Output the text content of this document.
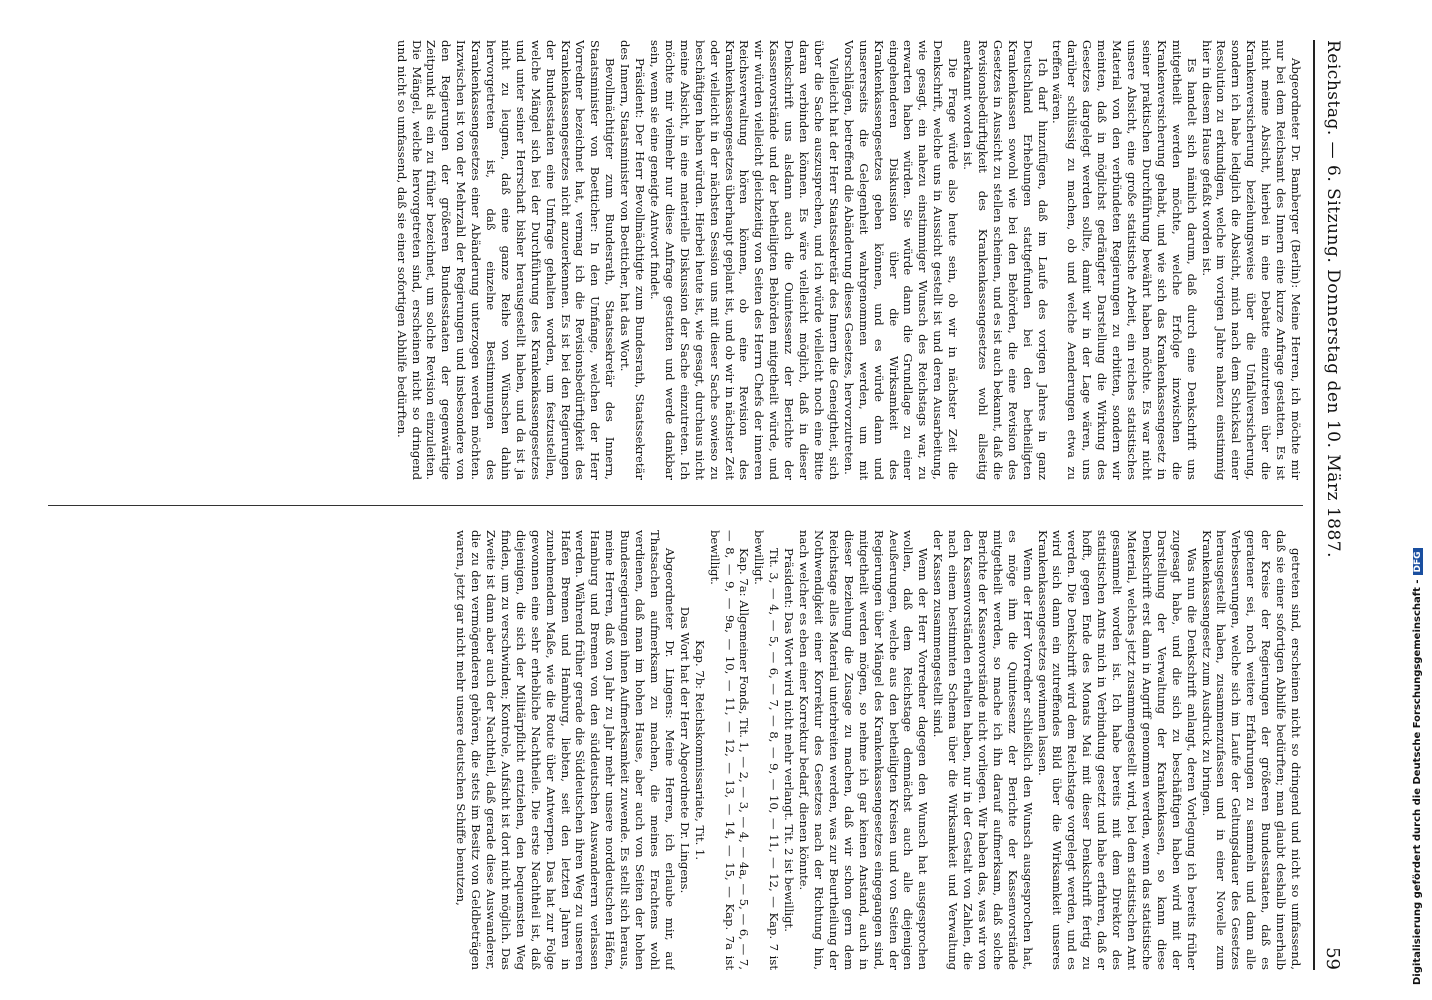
Reichstag. — 6. Sitzung. Donnerstag den 10. März 1887.
59

Abgeordneter Dr. Bamberger (Berlin): Meine Herren, ich möchte mir nur bei dem Reichsamt des Innern eine kurze Anfrage gestatten. Es ist nicht meine Absicht, hierbei in eine Debatte einzutreten über die Krankenversicherung beziehungsweise über die Unfallversicherung, sondern ich habe lediglich die Absicht, mich nach dem Schicksal einer Resolution zu erkundigen, welche im vorigen Jahre nahezu einstimmig hier in diesem Hause gefaßt worden ist.

Es handelt sich nämlich darum, daß durch eine Denkschrift uns mitgetheilt werden möchte, welche Erfolge inzwischen die Krankenversicherung gehabt, und wie sich das Krankenkassengesetz in seiner praktischen Durchführung bewährt haben möchte. Es war nicht unsere Absicht, eine große statistische Arbeit, ein reiches statistisches Material von den verbündeten Regierungen zu erbitten, sondern wir meinten, daß in möglichst gedrängter Darstellung die Wirkung des Gesetzes dargelegt werden sollte, damit wir in der Lage wären, uns darüber schlüssig zu machen, ob und welche Aenderungen etwa zu treffen wären.

Ich darf hinzufügen, daß im Laufe des vorigen Jahres in ganz Deutschland Erhebungen stattgefunden bei den betheiligten Krankenkassen sowohl wie bei den Behörden, die eine Revision des Gesetzes in Aussicht zu stellen scheinen, und es ist auch bekannt, daß die Revisionsbedürftigkeit des Krankenkassengesetzes wohl allseitig anerkannt worden ist.

Die Frage würde also heute sein, ob wir in nächster Zeit die Denkschrift, welche uns in Aussicht gestellt ist und deren Ausarbeitung, wie gesagt, ein nahezu einstimmiger Wunsch des Reichstags war, zu erwarten haben würden. Sie würde dann die Grundlage zu einer eingehenderen Diskussion über die Wirksamkeit des Krankenkassengesetzes geben können, und es würde dann und unsererseits die Gelegenheit wahrgenommen werden, um mit Vorschlägen, betreffend die Abänderung dieses Gesetzes, hervorzutreten.

Vielleicht hat der Herr Staatssekretär des Innern die Geneigtheit, sich über die Sache auszusprechen, und ich würde vielleicht noch eine Bitte daran verbinden können. Es wäre vielleicht möglich, daß in dieser Denkschrift uns alsdann auch die Ouintessenz der Berichte der Kassenvorstände und der betheiligten Behörden mitgetheilt würde, und wir würden vielleicht gleichzeitig von Seiten des Herrn Chefs der inneren Reichsverwaltung hören können, ob eine Revision des Krankenkassengesetzes überhaupt geplant ist, und ob wir in nächster Zeit oder vielleicht in der nächsten Session uns mit dieser Sache sowieso zu beschäftigen haben würden. Hierbei heute ist, wie gesagt, durchaus nicht meine Absicht, in eine materielle Diskussion der Sache einzutreten. Ich möchte mir vielmehr nur diese Anfrage gestatten und werde dankbar sein, wenn sie eine geneigte Antwort findet.

Präsident: Der Herr Bevollmächtigte zum Bundesrath, Staatssekretär des Innern, Staatsminister von Boetticher, hat das Wort.

Bevollmächtigter zum Bundesrath, Staatssekretär des Innern, Staatsminister von Boetticher: In den Umfange, welchen der Herr Vorredner bezeichnet hat, vermag ich die Revisionsbedürftigkeit des Krankenkassengesetzes nicht anzuerkennen. Es ist bei den Regierungen der Bundesstaaten eine Umfrage gehalten worden, um festzustellen, welche Mängel sich bei der Durchführung des Krankenkassengesetzes und unter seiner Herrschaft bisher herausgestellt haben, und da ist ja nicht zu leugnen, daß eine ganze Reihe von Wünschen dahin hervorgetreten ist, daß einzelne Bestimmungen des Krankenkassengesetzes einer Abänderung unterzogen werden möchten. Inzwischen ist von der Mehrzahl der Regierungen und insbesondere von den Regierungen der größeren Bundesstaaten der gegenwärtige Zeitpunkt als ein zu früher bezeichnet, um solche Revision einzuleiten. Die Mängel, welche hervorgetreten sind, erscheinen nicht so dringend und nicht so umfassend, daß sie einer sofortigen Abhilfe bedürften.

getreten sind, erscheinen nicht so dringend und nicht so umfassend, daß sie einer sofortigen Abhilfe bedürften; man glaubt deshalb innerhalb der Kreise der Regierungen der größeren Bundesstaaten, daß es geratener sei, noch weitere Erfahrungen zu sammeln und dann alle Verbesserungen, welche sich im Laufe der Geltungsdauer des Gesetzes herausgestellt haben, zusammenzufassen und in einer Novelle zum Krankenkassengesetz zum Ausdruck zu bringen.

Was nun die Denkschrift anlangt, deren Vorlegung ich bereits früher zugesagt habe, und die sich zu beschäftigen haben wird mit der Darstellung der Verwaltung der Krankenkassen, so kann diese Denkschrift erst dann in Angriff genommen werden, wenn das statistische Material, welches jetzt zusammengestellt wird, bei dem statistischen Amt gesammelt worden ist. Ich habe bereits mit dem Direktor des statistischen Amts mich in Verbindung gesetzt und habe erfahren, daß er hofft, gegen Ende des Monats Mai mit dieser Denkschrift fertig zu werden. Die Denkschrift wird dem Reichstage vorgelegt werden, und es wird sich dann ein zutreffendes Bild über die Wirksamkeit unseres Krankenkassengesetzes gewinnen lassen.

Wenn der Herr Vorredner schließlich den Wunsch ausgesprochen hat, es möge ihm die Quintessenz der Berichte der Kassenvorstände mitgetheilt werden, so mache ich ihn darauf aufmerksam, daß solche Berichte der Kassenvorstände nicht vorliegen. Wir haben das, was wir von den Kassenvorständen erhalten haben, nur in der Gestalt von Zahlen, die nach einem bestimmten Schema über die Wirksamkeit und Verwaltung der Kassen zusammengestellt sind.

Wenn der Herr Vorredner dagegen den Wunsch hat ausgesprochen wollen, daß dem Reichstage demnächst auch alle diejenigen Aeußerungen, welche aus den betheiligten Kreisen und von Seiten der Regierungen über Mängel des Krankenkassengesetzes eingegangen sind, mitgetheilt werden mögen, so nehme ich gar keinen Anstand, auch in dieser Beziehung die Zusage zu machen, daß wir schon gern dem Reichstage alles Material unterbreiten werden, was zur Beurtheilung der Nothwendigkeit einer Korrektur des Gesetzes nach der Richtung hin, nach welcher es eben einer Korrektur bedarf, dienen könnte.

Präsident: Das Wort wird nicht mehr verlangt. Tit. 2 ist bewilligt.

Tit. 3, — 4, — 5, — 6, — 7, — 8, — 9, — 10, — 11, — 12, — Kap. 7 ist bewilligt.

Kap. 7a: Allgemeiner Fonds, Tit. 1, — 2, — 3, — 4, — 4a, — 5, — 6, — 7, — 8, — 9, — 9a, — 10, — 11, — 12, — 13, — 14, — 15, — Kap. 7a ist bewilligt.

Kap. 7b: Reichskommissariate, Tit. 1.

Das Wort hat der Herr Abgeordnete Dr. Lingens.

Abgeordneter Dr. Lingens: Meine Herren, ich erlaube mir, auf Thatsachen aufmerksam zu machen, die meines Erachtens wohl verdienen, daß man im hohen Hause, aber auch von Seiten der hohen Bundesregierungen ihnen Aufmerksamkeit zuwende. Es stellt sich heraus, meine Herren, daß von Jahr zu Jahr mehr unsere norddeutschen Häfen, Hamburg und Bremen von den süddeutschen Auswanderern verlassen werden. Während früher gerade die Süddeutschen ihren Weg zu unseren Hafen Bremen und Hamburg, liebten, seit den letzten Jahren in zunehmendem Maße, wie die Route über Antwerpen. Das hat zur Folge gewonnen eine sehr erhebliche Nachtheile. Die erste Nachtheil ist, daß diejenigen, die sich der Militärpflicht entziehen, den bequemsten Weg finden, um zu verschwinden; Kontrole, Aufsicht ist dort nicht möglich. Das Zweite ist dann aber auch der Nachtheil, daß gerade diese Auswanderer, die zu den vermögenderen gehören, die stets im Besitz von Geldbeträgen waren, jetzt gar nicht mehr unsere deutschen Schiffe benutzen,	Digitalisierung gefördert durch die Deutsche Forschungsgemeinschaft -DFG
